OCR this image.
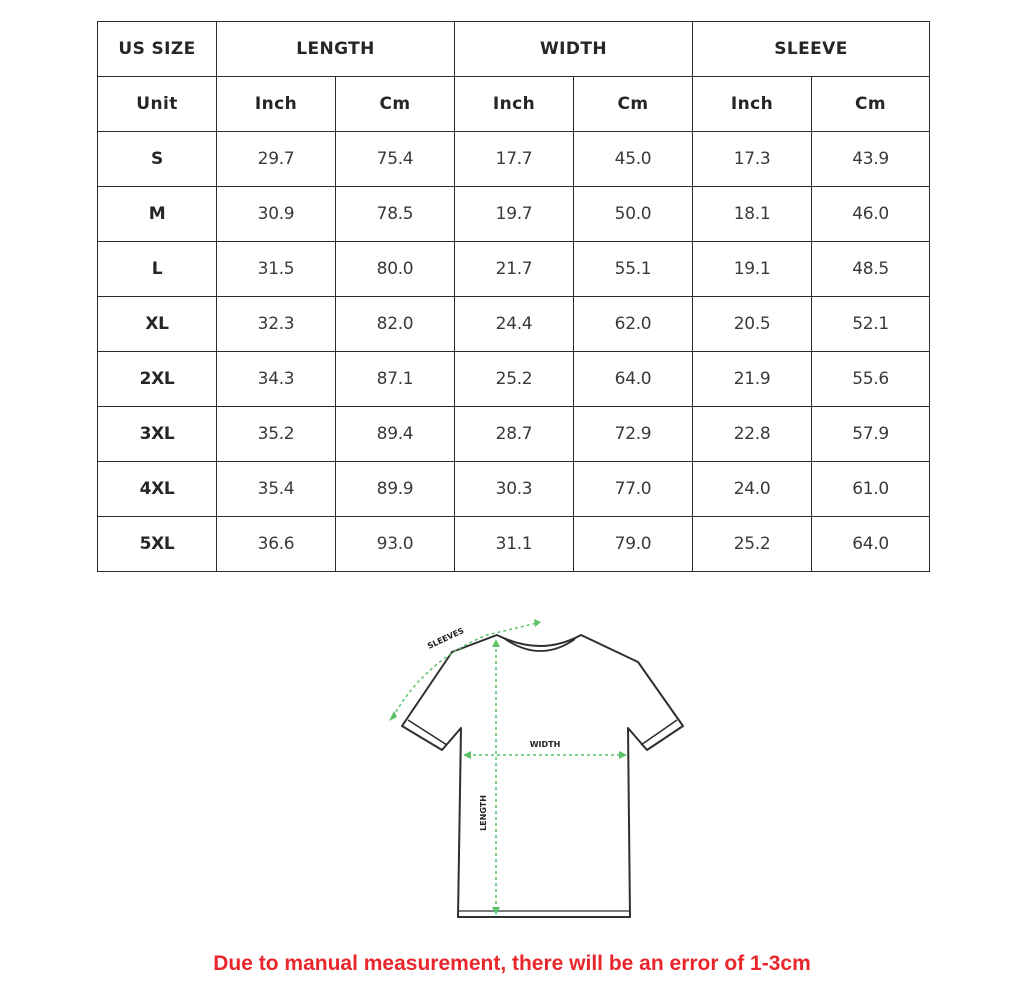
US SIZE	LENGTH		WIDTH		SLEEVE	
Unit	Inch	Cm	Inch	Cm	Inch	Cm
S	29.7	75.4	17.7	45.0	17.3	43.9
M	30.9	78.5	19.7	50.0	18.1	46.0
L	31.5	80.0	21.7	55.1	19.1	48.5
XL	32.3	82.0	24.4	62.0	20.5	52.1
2XL	34.3	87.1	25.2	64.0	21.9	55.6
3XL	35.2	89.4	28.7	72.9	22.8	57.9
4XL	35.4	89.9	30.3	77.0	24.0	61.0
5XL	36.6	93.0	31.1	79.0	25.2	64.0
SLEEVES
WIDTH
LENGTH
Due to manual measurement, there will be an error of 1-3cm
